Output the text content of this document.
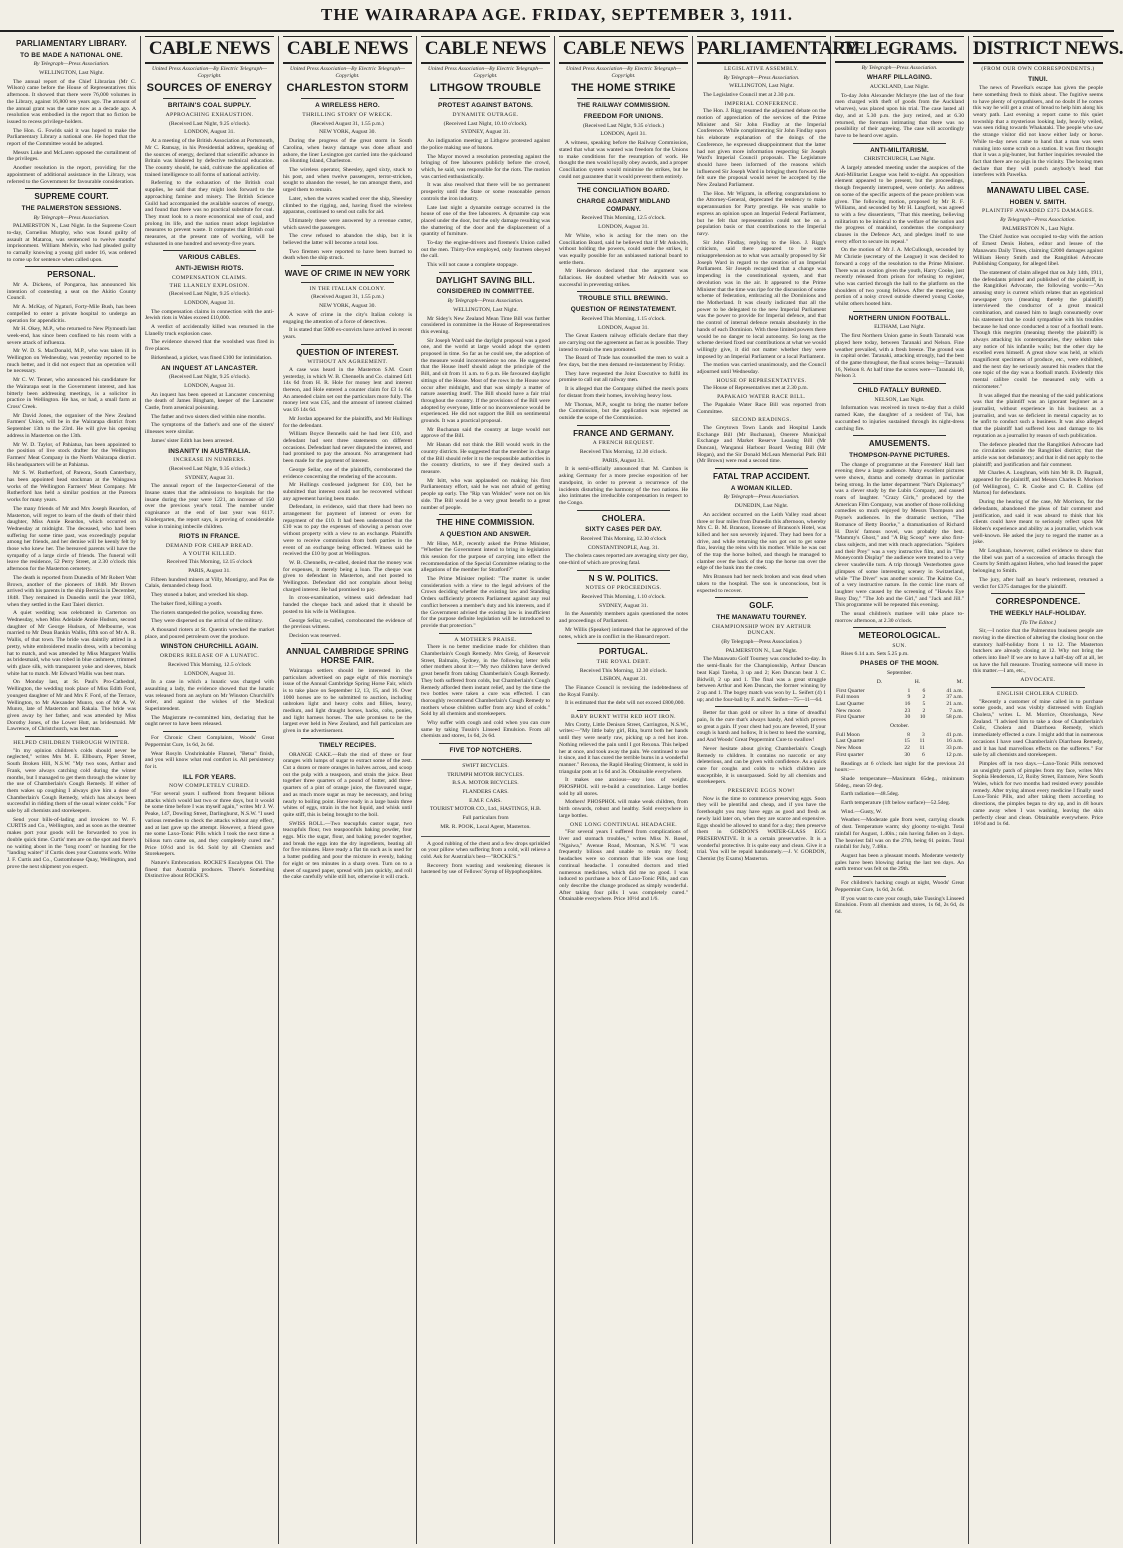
THE WAIRARAPA AGE. FRIDAY, SEPTEMBER 3, 1911.
PARLIAMENTARY LIBRARY.
TO BE MADE A NATIONAL ONE.
By Telegraph—Press Association.
WELLINGTON, Last Night.

The annual report of the Chief Librarian (Mr C. Wilson) came before the House of Representatives this afternoon. It showed that there were 76,000 volumes in the Library, against 16,800 ten years ago. The amount of the annual grant was the same now as a decade ago. A resolution was embodied in the report that no fiction be issued to recess privilege-holders.

The Hon. G. Fowlds said it was hoped to make the Parliamentary Library a national one. He hoped that the report of the Committee would be adopted.

Messrs Luke and McLaren opposed the curtailment of the privileges.

Another resolution in the report, providing for the appointment of additional assistance in the Library, was referred to the Government for favourable consideration.

SUPREME COURT.
THE PALMERSTON SESSIONS.
By Telegraph—Press Association.

PALMERSTON N., Last Night. In the Supreme Court to-day, Cornelius Murphy, who was found guilty of assault at Mataroa, was sentenced to twelve months' imprisonment. William Melvin, who had pleaded guilty to carnally knowing a young girl under 16, was ordered to come up for sentence when called upon.

PERSONAL.

Mr A. Dickens, of Pongaroa, has announced his intention of contesting a seat on the Akitio County Council.

Mr A. McKay, of Ngaturi, Forty-Mile Bush, has been compelled to enter a private hospital to undergo an operation for appendicitis.

Mr H. Okey, M.P., who returned to New Plymouth last week-end, has since been confined to his room with a severe attack of influenza.

Mr W. D. S. MacDonald, M.P., who was taken ill in Wellington on Wednesday, was yesterday reported to be much better, and it did not expect that an operation will be necessary.

Mr C. W. Tenner, who announced his candidature for the Wairarapa seat in the Government interest, and has bitterly been addressing meetings, is a solicitor in practice in Wellington. He has, or had, a small farm at Cross' Creek.

Mr David Jones, the organiser of the New Zealand Farmers' Union, will be in the Wairarapa district from September 13th to the 23rd. He will give his opening address in Masterton on the 13th.

Mr W. D. Taylor, of Pahiatua, has been appointed to the position of live stock drafter for the Wellington Farmers' Meat Company in the North Wairarapa district. His headquarters will be at Pahiatua.

Mr S. W. Rutherford, of Pareora, South Canterbury, has been appointed head stockman at the Waingawa works of the Wellington Farmers' Meat Company. Mr Rutherford has held a similar position at the Pareora works for many years.

The many friends of Mr and Mrs Joseph Reardon, of Masterton, will regret to learn of the death of their third daughter, Miss Annie Reardon, which occurred on Wednesday at midnight. The deceased, who had been suffering for some time past, was exceedingly popular among her friends, and her demise will be keenly felt by those who knew her. The bereaved parents will have the sympathy of a large circle of friends. The funeral will leave the residence, 52 Perry Street, at 2.30 o'clock this afternoon for the Masterton cemetery.

The death is reported from Dunedin of Mr Robert Watt Brown, another of the pioneers of 1848. Mr Brown arrived with his parents in the ship Bernicia in December, 1848. They remained in Dunedin until the year 1863, when they settled in the East Taieri district.

A quiet wedding was celebrated in Carterton on Wednesday, when Miss Adelaide Annie Hudson, second daughter of Mr George Hudson, of Melbourne, was married to Mr Dean Bankin Wallis, fifth son of Mr A. R. Wallis, of that town. The bride was daintily attired in a pretty, white embroidered muslin dress, with a becoming hat to match, and was attended by Miss Margaret Wallis as bridesmaid, who was robed in blue cashmere, trimmed with glace silk, with transparent yoke and sleeves, black white hat to match. Mr Edward Wallis was best man.

On Monday last, at St. Paul's Pro-Cathedral, Wellington, the wedding took place of Miss Edith Ford, youngest daughter of Mr and Mrs F. Ford, of the Terrace, Wellington, to Mr Alexander Munro, son of Mr A. W. Munro, late of Masterton and Rakaia. The bride was given away by her father, and was attended by Miss Dorothy Jones, of the Lower Hutt, as bridesmaid. Mr Lawrence, of Christchurch, was best man.

HELPED CHILDREN THROUGH WINTER.

"In my opinion children's colds should never be neglected," writes Mrs M. E. Ellbourn, Piper Street, South Broken Hill, N.S.W. "My two sons, Arthur and Frank, were always catching cold during the winter months, but I managed to get them through the winter by the use of Chamberlain's Cough Remedy. If either of them wakes up coughing I always give him a dose of Chamberlain's Cough Remedy, which has always been successful in ridding them of the usual winter colds." For sale by all chemists and storekeepers.

Send your bills-of-lading and invoices to W. F. CURTIS and Co., Wellington, and as soon as the steamer makes port your goods will be forwarded to you in double quick time. Curtis' men are on the spot and there's no waiting about in the "long room" or hunting for the "landing waiter" if Curtis does your Customs work. Write J. F. Curtis and Co., Customhouse Quay, Wellington, and prove the next shipment you expect.

CABLE NEWS
United Press Association—By Electric Telegraph—Copyright.
SOURCES OF ENERGY
BRITAIN'S COAL SUPPLY.
APPROACHING EXHAUSTION.
(Received Last Night, 9.25 o'clock).
LONDON, August 31.

At a meeting of the British Association at Portsmouth, Mr C. Ramsay, in his Presidential address, speaking of the sources of energy, declared that scientific advance in Britain was hindered by defective technical education. The country should, he said, cultivate the application of trained intelligence to all forms of national activity.

Referring to the exhaustion of the British coal supplies, he said that they might look forward to the approaching famine and misery. The British Science Guild had accompanied the available sources of energy, and found that there was no practical substitute for coal. They must look to a more economical use of coal, and prolong its life, and the nation must adopt legislative measures to prevent waste. It computes that British coal measures, at the present rate of working, will be exhausted in one hundred and seventy-five years.

VARIOUS CABLES.
ANTI-JEWISH RIOTS.
COMPENSATION CLAIMS.
THE LLANELY EXPLOSION.
(Received Last Night, 9.25 o'clock).
LONDON, August 31.

The compensation claims in connection with the anti-Jewish riots in Wales exceed £10,000.

A verdict of accidentally killed was returned in the Llanelly truck explosion case.

The evidence showed that the woolshed was fired in five places.

Birkenhead, a picket, was fined £100 for intimidation.

AN INQUEST AT LANCASTER.
(Received Last Night, 9.25 o'clock).
LONDON, August 31.

An inquest has been opened at Lancaster concerning the death of James Bingham, keeper of the Lancaster Castle, from arsenical poisoning.

The father and two sisters died within nine months.

The symptoms of the father's and one of the sisters' illnesses were similar.

James' sister Edith has been arrested.

INSANITY IN AUSTRALIA.
INCREASE IN NUMBERS.
(Received Last Night, 9.35 o'clock.)
SYDNEY, August 31.

The annual report of the Inspector-General of the Insane states that the admissions to hospitals for the insane during the year were 1221, an increase of 150 over the previous year's total. The number under cognisance at the end of last year was 6117. Kindergarten, the report says, is proving of considerable value in training imbecile children.

RIOTS IN FRANCE.
DEMAND FOR CHEAP BREAD.
A YOUTH KILLED.
Received This Morning, 12.15 o'clock
PARIS, August 31.

Fifteen hundred miners at Villy, Montigny, and Pas de Calais, demanded cheap food.

They stoned a baker, and wrecked his shop.

The baker fired, killing a youth.

The rioters stampeded the police, wounding three.

They were dispersed on the arrival of the military.

A thousand rioters at St. Quentin wrecked the market place, and poured petroleum over the produce.

WINSTON CHURCHILL AGAIN.
ORDERS RELEASE OF A LUNATIC.
Received This Morning, 12.5 o'clock
LONDON, August 31.

In a case in which a lunatic was charged with assaulting a lady, the evidence showed that the lunatic was released from an asylum on Mr Winston Churchill's order, and against the wishes of the Medical Superintendent.

The Magistrate re-committed him, declaring that he ought never to have been released.

For Chronic Chest Complaints, Woods' Great Peppermint Cure, 1s 6d, 2s 6d.

Wear Rosyln Unshrinkable Flannel, "Betsa" finish, and you will know what real comfort is. All persistency for it.

ILL FOR YEARS.
NOW COMPLETELY CURED.

"For several years I suffered from frequent bilious attacks which would last two or three days, but it would be some time before I was myself again," writes Mr J. W. Peake, 147, Dowling Street, Darlinghurst, N.S.W. "I used various remedies to check the attacks without any effect, and at last gave up the attempt. However, a friend gave me some Laxo-Tonic Pills which I took the next time a bilious turn came on, and they completely cured me." Price 10½d and 1s 6d. Sold by all Chemists and Storekeepers.

Nature's Embrocation. ROCKE'S Eucalyptus Oil. The finest that Australia produces. There's Something Distinctive about ROCKE'S.

CABLE NEWS
United Press Association—By Electric Telegraph—Copyright.
CHARLESTON STORM
A WIRELESS HERO.
THRILLING STORY OF WRECK.
(Received August 31, 1.55 p.m.)
NEW YORK, August 30.

During the progress of the great storm in South Carolina, when heavy damage was done afloat and ashore, the liner Lexington got carried into the quicksand on Hunting Island, Charleston.

The wireless operator, Sheesley, aged sixty, stuck to his post, and when twelve passengers, terror-stricken, sought to abandon the vessel, he ran amongst them, and urged them to remain.

Later, when the waves washed over the ship, Sheesley climbed to the rigging, and, having fixed the wireless apparatus, continued to send out calls for aid.

Ultimately these were answered by a revenue cutter, which saved the passengers.

The crew refused to abandon the ship, but it is believed the latter will become a total loss.

Two firemen were reported to have been burned to death when the ship struck.

WAVE OF CRIME IN NEW YORK
IN THE ITALIAN COLONY.
(Received August 31, 1.55 p.m.)
NEW YORK, August 30.

A wave of crime in the city's Italian colony is engaging the attention of a force of detectives.

It is stated that 5000 ex-convicts have arrived in recent years.

QUESTION OF INTEREST.
WITHOUT AN AGREEMENT.

A case was heard in the Masterton S.M. Court yesterday, in which W. B. Chennells and Co. claimed £41 14s 6d from H. R. Hole for money lent and interest thereon, and Hole entered a counter claim for £3 1s 6d. An amended claim set out the particulars more fully. The money lent was £35, and the amount of interest claimed was £6 14s 6d.

Mr Jordan appeared for the plaintiffs, and Mr Hullings for the defendant.

William Boyce Bennells said he had lent £10, and defendant had sent three statements on different occasions. Defendant had never disputed the interest, and had promised to pay the amount. No arrangement had been made for the payment of interest.

George Sellar, one of the plaintiffs, corroborated the evidence concerning the rendering of the accounts.

Mr Hullings confessed judgment for £10, but he submitted that interest could not be recovered without any agreement having been made.

Defendant, in evidence, said that there had been no arrangement for payment of interest or even for repayment of the £10. It had been understood that the £10 was to pay the expenses of showing a person over without property with a view to an exchange. Plaintiffs were to receive commission from both parties in the event of an exchange being effected. Witness said he received the £10 by post at Wellington.

W. B. Chennells, re-called, denied that the money was for expenses, it merely being a loan. The cheque was given to defendant in Masterton, and not posted to Wellington. Defendant did not complain about being charged interest. He had promised to pay.

In cross-examination, witness said defendant had handed the cheque back and asked that it should be posted to his wife in Wellington.

George Sellar, re-called, corroborated the evidence of the previous witness.

Decision was reserved.

ANNUAL CAMBRIDGE SPRING HORSE FAIR.

Wairarapa settlers should be interested in the particulars advertised on page eight of this morning's issue of the Annual Cambridge Spring Horse Fair, which is to take place on September 12, 13, 15, and 16. Over 1000 horses are to be submitted to auction, including unbroken light and heavy colts and fillies, heavy, medium, and light draught horses, hacks, cobs, ponies, and light harness horses. The sale promises to be the largest ever held in New Zealand, and full particulars are given in the advertisement.

TIMELY RECIPES.

ORANGE CAKE.—Rub the rind of three or four oranges with lumps of sugar to extract some of the zest. Cut a dozen or more oranges in halves across, and scoop out the pulp with a teaspoon, and strain the juice. Beat together three quarters of a pound of butter, add three-quarters of a pint of orange juice, the flavoured sugar, and as much more sugar as may be necessary, and bring nearly to boiling point. Have ready in a large basin three whites of eggs, strain in the hot liquid, and whisk until quite stiff, this is being brought to the boil.

SWISS ROLL.—Two teacupfuls castor sugar, two teacupfuls flour, two teaspoonfuls baking powder, four eggs. Mix the sugar, flour, and baking powder together, and break the eggs into the dry ingredients, beating all for five minutes. Have ready a flat tin such as is used for a batter pudding and pour the mixture in evenly, baking for eight or ten minutes in a sharp oven. Turn on to a sheet of sugared paper, spread with jam quickly, and roll the cake carefully while still hot, otherwise it will crack.

CABLE NEWS
United Press Association—By Electric Telegraph—Copyright.
LITHGOW TROUBLE
PROTEST AGAINST BATONS.
DYNAMITE OUTRAGE.
(Received Last Night, 10.10 o'clock).
SYDNEY, August 31.

An indignation meeting at Lithgow protested against the police making use of batons.

The Mayor moved a resolution protesting against the bringing of free labourers publicly before the crowd, which, he said, was responsible for the riots. The motion was carried enthusiastically.

It was also resolved that there will be no permanent prosperity until the State or some reasonable person controls the iron industry.

Late last night a dynamite outrage occurred in the house of one of the free labourers. A dynamite cap was placed under the door, but the only damage resulting was the shattering of the door and the displacement of a quantity of furniture.

To-day the engine-drivers and firemen's Union called out the men. Thirty-five employed, only fourteen obeyed the call.

This will not cause a complete stoppage.

DAYLIGHT SAVING BILL.
CONSIDERED IN COMMITTEE.
By Telegraph—Press Association.
WELLINGTON, Last Night.

Mr Sidey's New Zealand Mean Time Bill was further considered in committee in the House of Representatives this evening.

Sir Joseph Ward said the daylight proposal was a good one, and the world at large would adopt the system proposed in time. So far as he could see, the adoption of the measure would inconvenience no one. He suggested that the House itself should adopt the principle of the Bill, and sit from 11 a.m. to 6 p.m. He favoured daylight sittings of the House. Most of the rows in the House now occur after midnight, and that was simply a matter of nature asserting itself. The Bill should have a fair trial throughout the country. If the provisions of the Bill were adopted by everyone, little or no inconvenience would be experienced. He did not support the Bill on sentimental grounds. It was a practical proposal.

Mr Buchanan said the country at large would not approve of the Bill.

Mr Hanan did not think the Bill would work in the country districts. He suggested that the member in charge of the Bill should refer it to the responsible authorities in the country districts, to see if they desired such a measure.

Mr Isitt, who was applauded on making his first Parliamentary effort, said he was not afraid of getting people up early. The "Rip van Winkles" were not on his side. The Bill would be a very great benefit to a great number of people.

THE HINE COMMISSION.
A QUESTION AND ANSWER.

Mr Hine, M.P., recently asked the Prime Minister, "Whether the Government intend to bring in legislation this session for the purpose of carrying into effect the recommendation of the Special Committee relating to the allegations of the member for Stratford?"

The Prime Minister replied: "The matter is under consideration with a view to the legal advisers of the Crown deciding whether the existing law and Standing Orders sufficiently protects Parliament against any real conflict between a member's duty and his interests, and if the Government advised the existing law is insufficient for the purpose definite legislation will be introduced to provide that protection."

A MOTHER'S PRAISE.

There is no better medicine made for children than Chamberlain's Cough Remedy. Mrs Greig, of Reservoir Street, Balmain, Sydney, in the following letter tells other mothers about it:—"My two children have derived great benefit from taking Chamberlain's Cough Remedy. They both suffered from colds, but Chamberlain's Cough Remedy afforded them instant relief, and by the time the two bottles were taken a cure was effected. I can thoroughly recommend Chamberlain's Cough Remedy to mothers whose children suffer from any kind of colds." Sold by all chemists and storekeepers.

Why suffer with cough and cold when you can cure same by taking Tussin's Linseed Emulsion. From all chemists and stores, 1s 6d, 2s 6d.

FIVE TOP NOTCHERS.

SWIFT BICYCLES.

TRIUMPH MOTOR BICYCLES.

B.S.A. MOTOR BICYCLES.

FLANDERS CARS.

E.M.F. CARS.

TOURIST MOTOR CO., Ltd., HASTINGS, H.B.

Full particulars from

MR. R. POOK, Local Agent, Masterton.

A good rubbing of the chest and a few drops sprinkled on your pillow when suffering from a cold, will relieve a cold. Ask for Australia's best—"ROCKE'S."

Recovery from wasting and weakening diseases is hastened by use of Fellows' Syrup of Hypophosphites.

CABLE NEWS
United Press Association—By Electric Telegraph—Copyright.
THE HOME STRIKE
THE RAILWAY COMMISSION.
FREEDOM FOR UNIONS.
(Received Last Night, 9.35 o'clock.)
LONDON, April 31.

A witness, speaking before the Railway Commission, stated that what was wanted was freedom for the Unions to make conditions for the resumption of work. He thought the men would loyally obey awards, and a proper Conciliation system would minimise the strikes, but he could not guarantee that it would prevent them entirely.

THE CONCILIATION BOARD.
CHARGE AGAINST MIDLAND COMPANY.
Received This Morning, 12.5 o'clock.
LONDON, August 31.

Mr White, who is acting for the men on the Conciliation Board, said he believed that if Mr Askwith, without holding the powers, could settle the strikes, it was equally possible for an unbiassed national board to settle them.

Mr Henderson declared that the argument was fallacious. He doubted whether Mr Askwith was so successful in preventing strikes.

TROUBLE STILL BREWING.
QUESTION OF REINSTATEMENT.
Received This Morning, 1.15 o'clock.
LONDON, August 31.

The Great Eastern railway officials declare that they are carrying out the agreement as fast as is possible. They intend to retain the men promoted.

The Board of Trade has counselled the men to wait a few days, but the men demand re-instatement by Friday.

They have requested the Joint Executive to fulfil its promise to call out all railway men.

It is alleged that the Company shifted the men's posts for distant from their homes, involving heavy loss.

Mr Thomas, M.P., sought to bring the matter before the Commission, but the application was rejected as outside the scope of the Commission.

FRANCE AND GERMANY.
A FRENCH REQUEST.
Received This Morning, 12.30 o'clock.
PARIS, August 31.

It is semi-officially announced that M. Cambon is asking Germany for a more precise exposition of her standpoint, in order to prevent a recurrence of the incidents disturbing the harmony of the two nations. He also intimates the irreducible compensation in respect to the Congo.

CHOLERA.
SIXTY CASES PER DAY.
Received This Morning, 12.30 o'clock
CONSTANTINOPLE, Aug. 31.

The cholera cases reported are averaging sixty per day, one-third of which are proving fatal.

N S W. POLITICS.
NOTES OF PROCEEDINGS.
Received This Morning, 1.10 o'clock.
SYDNEY, August 31.

In the Assembly members again questioned the notes and proceedings of Parliament.

Mr Willis (Speaker) intimated that he approved of the notes, which are in conflict in the Hansard report.

PORTUGAL.
THE ROYAL DEBT.
Received This Morning, 12.30 o'clock.
LISBON, August 31.

The Finance Council is revising the indebtedness of the Royal Family.

It is estimated that the debt will not exceed £800,000.

BABY BURNT WITH RED HOT IRON.

Mrs Crotty, Little Denison Street, Carrington, N.S.W., writes:—"My little baby girl, Rita, burnt both her hands until they were nearly raw, picking up a red hot iron. Nothing relieved the pain until I got Rexona. This helped her at once, and took away the pain. We continued to use it since, and it has cured the terrible burns in a wonderful manner." Rexona, the Rapid Healing Ointment, is sold in triangular pots at 1s 6d and 3s. Obtainable everywhere.

It makes one anxious—any loss of weight. PHOSPHOL will re-build a constitution. Large bottles sold by all stores.

Mothers! PHOSPHOL will make weak children, from birth onwards, robust and healthy. Sold everywhere in large bottles.

ONE LONG CONTINUAL HEADACHE.

"For several years I suffered from complications of liver and stomach troubles," writes Miss N. Rosel, "Ngaiwa," Avenue Road, Mosman, N.S.W. "I was frequently bilious and unable to retain my food; headaches were so common that life was one long continual headache. I consulted doctors and tried numerous medicines, which did me no good. I was induced to purchase a box of Laxo-Tonic Pills, and can only describe the change produced as simply wonderful. After taking four pills I was completely cured." Obtainable everywhere. Price 10½d and 1/6.

PARLIAMENTARY
LEGISLATIVE ASSEMBLY.
By Telegraph—Press Association.
WELLINGTON, Last Night.

The Legislative Council met at 2.30 p.m.

IMPERIAL CONFERENCE.

The Hon. J. Rigg resumed the adjourned debate on the motion of appreciation of the services of the Prime Minister and Sir John Findlay at the Imperial Conference. While complimenting Sir John Findlay upon his elaborate explanation of the doings of the Conference, he expressed disappointment that the latter had not given more information respecting Sir Joseph Ward's Imperial Council proposals. The Legislature should have been informed of the reasons which influenced Sir Joseph Ward in bringing them forward. He felt sure the proposal would never be accepted by the New Zealand Parliament.

The Hon. Mr Wigram, in offering congratulations to the Attorney-General, deprecated the tendency to make superannuation for Party prestige. He was unable to express an opinion upon an Imperial Federal Parliament, but he felt that representation could not be on a population basis or that contributions to the Imperial navy.

Sir John Findlay, replying to the Hon. J. Rigg's criticism, said there appeared to be some misapprehension as to what was actually proposed by Sir Joseph Ward in regard to the creation of an Imperial Parliament. Sir Joseph recognised that a change was impending in the constitutional system, and that devolution was in the air. It appeared to the Prime Minister that the time was ripe for the discussion of some scheme of federation, embracing all the Dominions and the Motherland. It was clearly indicated that all the power to be delegated to the new Imperial Parliament was the power to provide for Imperial defence, and that the control of internal defence remain absolutely in the hands of each Dominion. With these limited powers there would be no danger to local autonomy. So long as the scheme devised fixed our contributions at what we would willingly give, it did not matter whether they were imposed by an Imperial Parliament or a local Parliament.

The motion was carried unanimously, and the Council adjourned until Wednesday.

HOUSE OF REPRESENTATIVES.

The House of Representatives met at 2.30 p.m.

PAPAKAIO WATER RACE BILL.

The Papakaio Water Race Bill was reported from Committee.

SECOND READINGS.

The Greytown Town Lands and Hospital Lands Exchange Bill (Mr Buchanan), Onerere Municipal Exchange and Market Reserve Leasing Bill (Mr Duncan), Wanganui Harbour Board Vesting Bill (Mr Hogan), and the Sir Donald McLean Memorial Park Bill (Mr Brown) were read a second time.

FATAL TRAP ACCIDENT.
A WOMAN KILLED.
By Telegraph—Press Association.
DUNEDIN, Last Night.

An accident occurred on the Leith Valley road about three or four miles from Dunedin this afternoon, whereby Mrs C. B. M. Branson, licensee of Branson's Hotel, was killed and her son severely injured. They had been for a drive, and while returning the son got out to get some flax, leaving the reins with his mother. While he was out of the trap the horse bolted, and though he managed to clamber over the back of the trap the horse ran over the edge of the bank into the creek.

Mrs Branson had her neck broken and was dead when taken to the hospital. The son is unconscious, but is expected to recover.

GOLF.
THE MANAWATU TOURNEY.
CHAMPIONSHIP WON BY ARTHUR DUNCAN.
(By Telegraph—Press Association.)
PALMERSTON N., Last Night.

The Manawatu Golf Tourney was concluded to-day. In the semi-finals for the Championship, Arthur Duncan beat Kapi Tareha, 3 up and 2; Ken Duncan beat J. C. Bidwill, 2 up and 1. The final was a great struggle between Arthur and Ken Duncan, the former winning by 2 up and 1. The bogey match was won by L. Seifert (4) 1 up; and the four-ball by F. and N. Seifert—75—11—64.

Better far than gold or silver In a time of dreadful pain, Is the cure that's always handy, And which proves so great a gain. If your chest had you are fevered, If your cough is harsh and hollow, It is best to heed the warning, and And Woods' Great Peppermint Cure to swallow!

Never hesitate about giving Chamberlain's Cough Remedy to children. It contains no narcotic or any deleterious, and can be given with confidence. As a quick cure for coughs and colds to which children are susceptible, it is unsurpassed. Sold by all chemists and storekeepers.

PRESERVE EGGS NOW!

Now is the time to commence preserving eggs. Soon they will be plentiful and cheap, and if you have the forethought you may have eggs as good and fresh as newly laid later on, when they are scarce and expensive. Eggs should be allowed to stand for a day; then preserve them in GORDON'S WATER-GLASS EGG PRESERVATIVE. It is a certain preservative. It is a wonderful protective. It is quite easy and clean. Give it a trial. You will be repaid handsomely.—J. V. GORDON, Chemist (by Exams) Masterton.

TELEGRAMS.
By Telegraph—Press Association.
WHARF PILLAGING.
AUCKLAND, Last Night.

To-day John Alexander McIntyre (the last of the four men charged with theft of goods from the Auckland wharves), was placed upon his trial. The case lasted all day, and at 5.30 p.m. the jury retired, and at 6.30 returned, the foreman intimating that there was no possibility of their agreeing. The case will accordingly have to be heard over again.

ANTI-MILITARISM.
CHRISTCHURCH, Last Night.

A largely attended meeting under the auspices of the Anti-Militarist League was held to-night. An opposition element appeared to be present, but the proceedings, though frequently interrupted, were orderly. An address on some of the specific aspects of the peace problem was given. The following motion, proposed by Mr R. F. Williams, and seconded by Mr H. Langford, was agreed to with a few dissentients, "That this meeting, believing militarism to be inimical to the welfare of the nation and the progress of mankind, condemns the compulsory clauses in the Defence Act, and pledges itself to use every effort to secure its repeal."

On the motion of Mr J. A. McCullough, seconded by Mr Christie (secretary of the League) it was decided to forward a copy of the resolution to the Prime Minister. There was an ovation given the youth, Harry Cooke, just recently released from prison for refusing to register, who was carried through the hall to the platform on the shoulders of two young fellows. After the meeting one portion of a noisy crowd outside cheered young Cooke, whilst others hooted him.

NORTHERN UNION FOOTBALL.
ELTHAM, Last Night.

The first Northern Union game in South Taranaki was played here today, between Taranaki and Nelson. Fine weather prevailed, with a fresh breeze. The ground was in capital order. Taranaki, attacking strongly, had the best of the game throughout, the final scores being—Taranaki 16, Nelson 8. At half time the scores were—Taranaki 10, Nelson 3.

CHILD FATALLY BURNED.
NELSON, Last Night.

Information was received in town to-day that a child named Kate, the daughter of a resident of Tui, has succumbed to injuries sustained through its night-dress catching fire.

AMUSEMENTS.
THOMPSON-PAYNE PICTURES.

The change of programme at the Foresters' Hall last evening drew a large audience. Many excellent pictures were shown, drama and comedy dramas in particular being strong. In the latter department "Nat's Diplomacy" was a clever study by the Lubin Company, and caused roars of laughter. "Crazy Girls," produced by the American Film Company, was another of those rollicking comedies so much enjoyed by Messrs Thompson and Payne's audiences. In the dramatic section, "The Romance of Betty Boorke," a dramatisation of Richard H. Davis' famous novel, was probably the best. "Mammy's Ghost," and "A Big Scoop" were also first-class subjects, and met with much appreciation. "Spiders and their Prey" was a very instructive film, and in "The Moneycomb Display" the audience were treated to a very clever vaudeville turn. A trip through Vesterbotten gave glimpses of some interesting scenery in Switzerland, while "The Diver" was another scenic. The Kaimo Co., of a very instructive nature. In the comic line roars of laughter were caused by the screening of "Hawks Eye Busy Day," "The Job and the Girl," and "Jack and Jill." This programme will be repeated this evening.

The usual children's matinee will take place to-morrow afternoon, at 2.30 o'clock.

METEOROLOGICAL.
SUN.

Rises 6.14 a.m. Sets 5.25 p.m.

PHASES OF THE MOON.

September.

	D.	H.	M.
First Quarter	1	6	41 a.m.
Full moon	9	2	37 a.m.
Last Quarter	16	5	21 a.m.
New moon	23	2	7 a.m.
First Quarter	30	10	58 p.m.

October.

Full Moon	8	3	41 p.m.
Last Quarter	15	11	16 a.m.
New Moon	22	11	33 p.m.
First quarter	30	6	12 p.m.

Readings at 6 o'clock last night for the previous 24 hours:—

Shade temperature—Maximum 65deg., minimum 56deg., mean 59 deg.

Earth radiation—48.5deg.

Earth temperature (1ft below surface)—52.5deg.

Wind.—Gusty, W.

Weather.—Moderate gale from west, carrying clouds of dust. Temperature warm; sky gloomy to-night. Total rainfall for August, 1.40in.; rain having fallen on 3 days. The heaviest fall was on the 27th, being 61 points. Total rainfall for July, 7.48in.

August has been a pleasant month. Moderate westerly gales have been blowing during the last ten days. An earth tremor was felt on the 29th.

For children's hacking cough at night, Woods' Great Peppermint Cure, 1s 6d, 2s 6d.

If you want to cure your cough, take Tussing's Linseed Emulsion. From all chemists and stores, 1s 6d, 2s 6d, 4s 6d.

DISTRICT NEWS.
(FROM OUR OWN CORRESPONDENTS.)
TINUI.

The news of Pawelka's escape has given the people here something fresh to think about. The fugitive seems to have plenty of sympathisers, and no doubt if he comes this way he will get a crust of bread to help him along his weary path. Last evening a report came to this quiet township that a mysterious looking lady, heavily veiled, was seen riding towards Whakataki. The people who saw the strange visitor did not know either lady or horse. While to-day news came to hand that a man was seen running into some scrub on a station. It was first thought that it was a pig-hunter, but further inquiries revealed the fact that there are no pigs in the vicinity. The boxing men declare that they will punch anybody's head that interferes with Pawelka.

MANAWATU LIBEL CASE.
HOBEN V. SMITH.
PLAINTIFF AWARDED £375 DAMAGES.
By Telegraph—Press Association.
PALMERSTON N., Last Night.

The Chief Justice was occupied to-day with the action of Ernest Denis Hoben, editor and lessee of the Manawatu Daily Times, claiming £2000 damages against William Henry Smith and the Rangitikei Advocate Publishing Company, for alleged libel.

The statement of claim alleged that on July 14th, 1911, the defendants printed and published of the plaintiff, in the Rangitikei Advocate, the following words:—"An amusing story is current which relates that an egotistical newspaper tyro (meaning thereby the plaintiff) interviewed the conductor of a great musical combination, and caused him to laugh consumedly over his statement that he could sympathise with his troubles because he had once conducted a tour of a football team. Though this megrim (meaning thereby the plaintiff) is always attacking his contemporaries, they seldom take any notice of his infantile wails; but the other day he excelled even himself. A great show was held, at which magnificent specimens of produce, etc., were exhibited, and the next day he seriously assured his readers that the one topic of the day was a football match. Evidently this mental calibre could be measured only with a micrometer."

It was alleged that the meaning of the said publications was that the plaintiff was an ignorant beginner as a journalist, without experience in his business as a journalist, and was so deficient in mental capacity as to be unfit to conduct such a business. It was also alleged that the plaintiff had suffered loss and damage to his reputation as a journalist by reason of such publication.

The defence pleaded that the Rangitikei Advocate had no circulation outside the Rangitikei district; that the article was not defamatory; and that it did not apply to the plaintiff; and justification and fair comment.

Mr Charles A. Loughnan, with him Mr R. D. Bagnall, appeared for the plaintiff, and Messrs Charles B. Morison (of Wellington), C. R. Cooke and C. B. Collins (of Marton) for defendants.

During the hearing of the case, Mr Morrison, for the defendants, abandoned the pleas of fair comment and justification, and said it was absurd to think that his clients could have meant to seriously reflect upon Mr Hoben's experience and ability as a journalist, which was well-known. He asked the jury to regard the matter as a joke.

Mr Loughnan, however, called evidence to show that the libel was part of a succession of attacks through the Courts by Smith against Hoben, who had leased the paper belonging to Smith.

The jury, after half an hour's retirement, returned a verdict for £375 damages for the plaintiff.

CORRESPONDENCE.
THE WEEKLY HALF-HOLIDAY.
[To The Editor.]

Sir,—I notice that the Palmerston business people are moving in the direction of altering the closing hour on the statutory half-holiday from 1 to 12. The Masterton butchers are already closing at 12. Why not bring the others into line? If we are to have a half-day off at all, let us have the full measure. Trusting someone will move in this matter.—I am, etc.,

ADVOCATE.
ENGLISH CHOLERA CURED.

"Recently a customer of mine called in to purchase some goods, and was visibly distressed with English Cholera," writes L. M. Morrice, Otorohanga, New Zealand. "I advised him to take a dose of Chamberlain's Colic, Cholera and Diarrhoea Remedy, which immediately effected a cure. I might add that in numerous occasions I have used Chamberlain's Diarrhoea Remedy, and it has had marvellous effects on the sufferers." For sale by all chemists and storekeepers.

Pimples off in two days.—Laxo-Tonic Pills removed an unsightly patch of pimples from my face, writes Mrs Sophia Henderson, 12, Roiby Street, Enmore, New South Wales, which for two months had resisted every possible remedy. After trying almost every medicine I finally used Laxo-Tonic Pills, and after taking them according to directions, the pimples began to dry up, and in 48 hours came away when I was washing, leaving the skin perfectly clear and clean. Obtainable everywhere. Price 10½d and 1s 6d.
